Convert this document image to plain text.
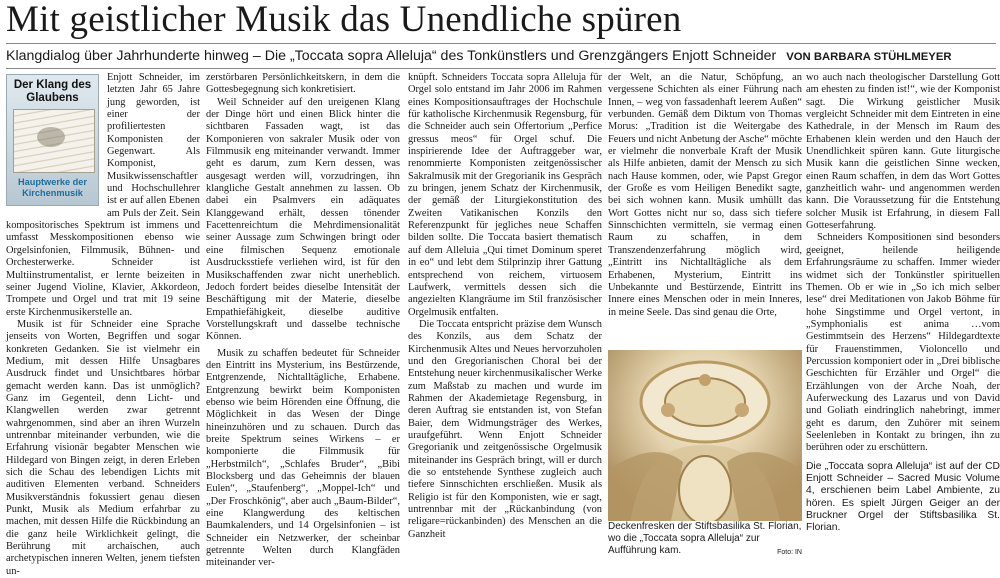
Mit geistlicher Musik das Unendliche spüren
Klangdialog über Jahrhunderte hinweg – Die „Toccata sopra Alleluja“ des Tonkünstlers und Grenzgängers Enjott Schneider VON BARBARA STÜHLMEYER
Der Klang des Glaubens
Hauptwerke der Kirchenmusik

Enjott Schneider, im letzten Jahr 65 Jahre jung geworden, ist einer der profiliertesten Komponisten der Gegenwart. Als Komponist, Musikwissenschaftler und Hochschullehrer ist er auf allen Ebenen am Puls der Zeit. Sein kompositorisches Spektrum ist immens und umfasst Messkompositionen ebenso wie Orgelsinfonien, Filmmusik, Bühnen- und Orchesterwerke. Schneider ist Multiinstrumentalist, er lernte beizeiten in seiner Jugend Violine, Klavier, Akkordeon, Trompete und Orgel und trat mit 19 seine erste Kirchenmusikerstelle an.

Musik ist für Schneider eine Sprache jenseits von Worten, Begriffen und sogar konkreten Gedanken. Sie ist vielmehr ein Medium, mit dessen Hilfe Unsagbares Ausdruck findet und Unsichtbares hörbar gemacht werden kann. Das ist unmöglich? Ganz im Gegenteil, denn Licht- und Klangwellen werden zwar getrennt wahrgenommen, sind aber an ihren Wurzeln untrennbar miteinander verbunden, wie die Erfahrung visionär begabter Menschen wie Hildegard von Bingen zeigt, in deren Erleben sich die Schau des lebendigen Lichts mit auditiven Elementen verband. Schneiders Musikverständnis fokussiert genau diesen Punkt, Musik als Medium erfahrbar zu machen, mit dessen Hilfe die Rückbindung an die ganz heile Wirklichkeit gelingt, die Berührung mit archaischen, auch archetypischen inneren Welten, jenem tiefsten un-

zerstörbaren Persönlichkeitskern, in dem die Gottesbegegnung sich konkretisiert.

Weil Schneider auf den ureigenen Klang der Dinge hört und einen Blick hinter die sichtbaren Fassaden wagt, ist das Komponieren von sakraler Musik oder von Filmmusik eng miteinander verwandt. Immer geht es darum, zum Kern dessen, was ausgesagt werden will, vorzudringen, ihn klangliche Gestalt annehmen zu lassen. Ob dabei ein Psalmvers ein adäquates Klanggewand erhält, dessen tönender Facettenreichtum die Mehrdimensionalität seiner Aussage zum Schwingen bringt oder eine filmischen Sequenz emotionale Ausdrucksstiefe verliehen wird, ist für den Musikschaffenden zwar nicht unerheblich. Jedoch fordert beides dieselbe Intensität der Beschäftigung mit der Materie, dieselbe Empathiefähigkeit, dieselbe auditive Vorstellungskraft und dasselbe technische Können.

Musik zu schaffen bedeutet für Schneider den Eintritt ins Mysterium, ins Bestürzende, Entgrenzende, Nichtalltägliche, Erhabene. Entgrenzung bewirkt beim Komponisten ebenso wie beim Hörenden eine Öffnung, die Möglichkeit in das Wesen der Dinge hineinzuhören und zu schauen. Durch das breite Spektrum seines Wirkens – er komponierte die Filmmusik für „Herbstmilch“, „Schlafes Bruder“, „Bibi Blocksberg und das Geheimnis der blauen Eulen“, „Staufenberg“, „Moppel-Ich“ und „Der Froschkönig“, aber auch „Baum-Bilder“, eine Klangwerdung des keltischen Baumkalenders, und 14 Orgelsinfonien – ist Schneider ein Netzwerker, der scheinbar getrennte Welten durch Klangfäden miteinander ver-

knüpft. Schneiders Toccata sopra Alleluja für Orgel solo entstand im Jahr 2006 im Rahmen eines Kompositionsauftrages der Hochschule für katholische Kirchenmusik Regensburg, für die Schneider auch sein Offertorium „Perfice gressus meos“ für Orgel schuf. Die inspirierende Idee der Auftraggeber war, renommierte Komponisten zeitgenössischer Sakralmusik mit der Gregorianik ins Gespräch zu bringen, jenem Schatz der Kirchenmusik, der gemäß der Liturgiekonstitution des Zweiten Vatikanischen Konzils den Referenzpunkt für jegliches neue Schaffen bilden sollte. Die Toccata basiert thematisch auf dem Alleluia „Qui timet Dominum speret in eo“ und lebt dem Stilprinzip ihrer Gattung entsprechend von reichem, virtuosem Laufwerk, vermittels dessen sich die angezielten Klangräume im Stil französischer Orgelmusik entfalten.

Die Toccata entspricht präzise dem Wunsch des Konzils, aus dem Schatz der Kirchenmusik Altes und Neues hervorzuholen und den Gregorianischen Choral bei der Entstehung neuer kirchenmusikalischer Werke zum Maßstab zu machen und wurde im Rahmen der Akademietage Regensburg, in deren Auftrag sie entstanden ist, von Stefan Baier, dem Widmungsträger des Werkes, uraufgeführt. Wenn Enjott Schneider Gregorianik und zeitgenössische Orgelmusik miteinander ins Gespräch bringt, will er durch die so entstehende Synthese zugleich auch tiefere Sinnschichten erschließen. Musik als Religio ist für den Komponisten, wie er sagt, untrennbar mit der „Rückanbindung (von religare=rückanbinden) des Menschen an die Ganzheit

der Welt, an die Natur, Schöpfung, an vergessene Schichten als einer Führung nach Innen, – weg von fassadenhaft leerem Außen“ verbunden. Gemäß dem Diktum von Thomas Morus: „Tradition ist die Weitergabe des Feuers und nicht Anbetung der Asche“ möchte er vielmehr die nonverbale Kraft der Musik als Hilfe anbieten, damit der Mensch zu sich nach Hause kommen, oder, wie Papst Gregor der Große es vom Heiligen Benedikt sagte, bei sich wohnen kann. Musik umhüllt das Wort Gottes nicht nur so, dass sich tiefere Sinnschichten vermitteln, sie vermag einen Raum zu schaffen, in dem Transzendenzerfahrung möglich wird, „Eintritt ins Nichtalltägliche als dem Erhabenen, Mysterium, Eintritt ins Unbekannte und Bestürzende, Eintritt ins Innere eines Menschen oder in mein Inneres, in meine Seele. Das sind genau die Orte,

Deckenfresken der Stiftsbasilika St. Florian, wo die „Toccata sopra Alleluja“ zur Aufführung kam.	Foto: IN

wo auch nach theologischer Darstellung Gott am ehesten zu finden ist!“, wie der Komponist sagt. Die Wirkung geistlicher Musik vergleicht Schneider mit dem Eintreten in eine Kathedrale, in der Mensch im Raum des Erhabenen klein werden und den Hauch der Unendlichkeit spüren kann. Gute liturgische Musik kann die geistlichen Sinne wecken, einen Raum schaffen, in dem das Wort Gottes ganzheitlich wahr- und angenommen werden kann. Die Voraussetzung für die Entstehung solcher Musik ist Erfahrung, in diesem Fall Gotteserfahrung.

Schneiders Kompositionen sind besonders geeignet, heilende heiligende Erfahrungsräume zu schaffen. Immer wieder widmet sich der Tonkünstler spirituellen Themen. Ob er wie in „So ich mich selber lese“ drei Meditationen von Jakob Böhme für hohe Singstimme und Orgel vertont, in „Symphonialis est anima …vom Gestimmtsein des Herzens“ Hildegardtexte für Frauenstimmen, Violoncello und Percussion komponiert oder in „Drei biblische Geschichten für Erzähler und Orgel“ die Erzählungen von der Arche Noah, der Auferweckung des Lazarus und von David und Goliath eindringlich nahebringt, immer geht es darum, den Zuhörer mit seinem Seelenleben in Kontakt zu bringen, ihn zu berühren oder zu erschüttern.

Die „Toccata sopra Alleluja“ ist auf der CD Enjott Schneider – Sacred Music Volume 4, erschienen beim Label Ambiente, zu hören. Es spielt Jürgen Geiger an der Bruckner Orgel der Stiftsbasilika St. Florian.
